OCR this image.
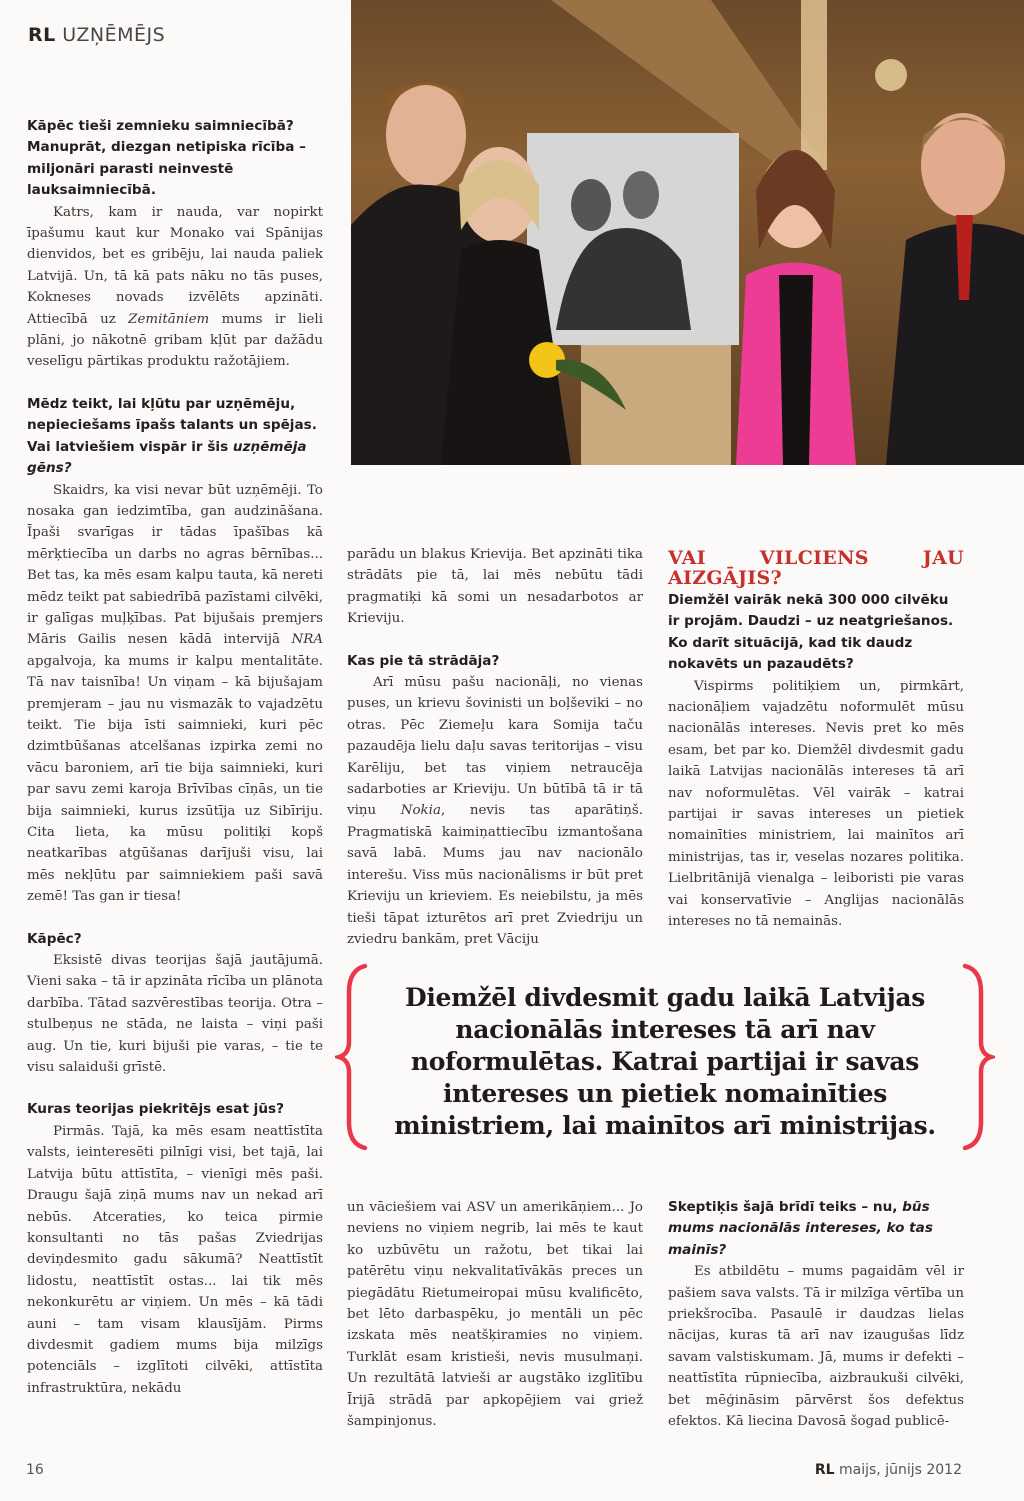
RL UZŅĒMĒJS
Kāpēc tieši zemnieku saimniecībā? Manuprāt, diezgan netipiska rīcība – miljonāri parasti neinvestē lauksaimniecībā.
Katrs, kam ir nauda, var nopirkt īpašumu kaut kur Monako vai Spānijas dienvidos, bet es gribēju, lai nauda paliek Latvijā. Un, tā kā pats nāku no tās puses, Kokneses novads izvēlēts apzināti. Attiecībā uz Zemitāniem mums ir lieli plāni, jo nākotnē gribam kļūt par dažādu veselīgu pārtikas produktu ražotājiem.
Mēdz teikt, lai kļūtu par uzņēmēju, nepieciešams īpašs talants un spējas. Vai latviešiem vispār ir šis uzņēmēja gēns?
Skaidrs, ka visi nevar būt uzņēmēji. To nosaka gan iedzimtība, gan audzināšana. Īpaši svarīgas ir tādas īpašības kā mērķtiecība un darbs no agras bērnības... Bet tas, ka mēs esam kalpu tauta, kā nereti mēdz teikt pat sabiedrībā pazīstami cilvēki, ir galīgas muļķības. Pat bijušais premjers Māris Gailis nesen kādā intervijā NRA apgalvoja, ka mums ir kalpu mentalitāte. Tā nav taisnība! Un viņam – kā bijušajam premjeram – jau nu vismazāk to vajadzētu teikt. Tie bija īsti saimnieki, kuri pēc dzimtbūšanas atcelšanas izpirka zemi no vācu baroniem, arī tie bija saimnieki, kuri par savu zemi karoja Brīvības cīņās, un tie bija saimnieki, kurus izsūtīja uz Sibīriju. Cita lieta, ka mūsu politiķi kopš neatkarības atgūšanas darījuši visu, lai mēs nekļūtu par saimniekiem paši savā zemē! Tas gan ir tiesa!
Kāpēc?
Eksistē divas teorijas šajā jautājumā. Vieni saka – tā ir apzināta rīcība un plānota darbība. Tātad sazvērestības teorija. Otra – stulbeņus ne stāda, ne laista – viņi paši aug. Un tie, kuri bijuši pie varas, – tie te visu salaiduši grīstē.
Kuras teorijas piekritējs esat jūs?
Pirmās. Tajā, ka mēs esam neattīstīta valsts, ieinteresēti pilnīgi visi, bet tajā, lai Latvija būtu attīstīta, – vienīgi mēs paši. Draugu šajā ziņā mums nav un nekad arī nebūs. Atceraties, ko teica pirmie konsultanti no tās pašas Zviedrijas deviņdesmito gadu sākumā? Neattīstīt lidostu, neattīstīt ostas... lai tik mēs nekonkurētu ar viņiem. Un mēs – kā tādi auni – tam visam klausījām. Pirms divdesmit gadiem mums bija milzīgs potenciāls – izglītoti cilvēki, attīstīta infrastruktūra, nekādu
parādu un blakus Krievija. Bet apzināti tika strādāts pie tā, lai mēs nebūtu tādi pragmatiķi kā somi un nesadarbotos ar Krieviju.
Kas pie tā strādāja?
Arī mūsu pašu nacionāļi, no vienas puses, un krievu šovinisti un boļševiki – no otras. Pēc Ziemeļu kara Somija taču pazaudēja lielu daļu savas teritorijas – visu Karēliju, bet tas viņiem netraucēja sadarboties ar Krieviju. Un būtībā tā ir tā viņu Nokia, nevis tas aparātiņš. Pragmatiskā kaimiņattiecību izmantošana savā labā. Mums jau nav nacionālo interešu. Viss mūs nacionālisms ir būt pret Krieviju un krieviem. Es neiebilstu, ja mēs tieši tāpat izturētos arī pret Zviedriju un zviedru bankām, pret Vāciju
VAI VILCIENS JAU AIZGĀJIS?
Diemžēl vairāk nekā 300 000 cilvēku ir projām. Daudzi – uz neatgriešanos. Ko darīt situācijā, kad tik daudz nokavēts un pazaudēts?
Vispirms politiķiem un, pirmkārt, nacionāļiem vajadzētu noformulēt mūsu nacionālās intereses. Nevis pret ko mēs esam, bet par ko. Diemžēl divdesmit gadu laikā Latvijas nacionālās intereses tā arī nav noformulētas. Vēl vairāk – katrai partijai ir savas intereses un pietiek nomainīties ministriem, lai mainītos arī ministrijas, tas ir, veselas nozares politika. Lielbritānijā vienalga – leiboristi pie varas vai konservatīvie – Anglijas nacionālās intereses no tā nemainās.
Diemžēl divdesmit gadu laikā Latvijas nacionālās intereses tā arī nav noformulētas. Katrai partijai ir savas intereses un pietiek nomainīties ministriem, lai mainītos arī ministrijas.
un vāciešiem vai ASV un amerikāņiem... Jo neviens no viņiem negrib, lai mēs te kaut ko uzbūvētu un ražotu, bet tikai lai patērētu viņu nekvalitatīvākās preces un piegādātu Rietumeiropai mūsu kvalificēto, bet lēto darbaspēku, jo mentāli un pēc izskata mēs neatšķiramies no viņiem. Turklāt esam kristieši, nevis musulmaņi. Un rezultātā latvieši ar augstāko izglītību Īrijā strādā par apkopējiem vai griež šampinjonus.
Skeptiķis šajā brīdī teiks – nu, būs mums nacionālās intereses, ko tas mainīs?
Es atbildētu – mums pagaidām vēl ir pašiem sava valsts. Tā ir milzīga vērtība un priekšrocība. Pasaulē ir daudzas lielas nācijas, kuras tā arī nav izaugušas līdz savam valstiskumam. Jā, mums ir defekti – neattīstīta rūpniecība, aizbraukuši cilvēki, bet mēģināsim pārvērst šos defektus efektos. Kā liecina Davosā šogad publicē-
16	RL maijs, jūnijs 2012
